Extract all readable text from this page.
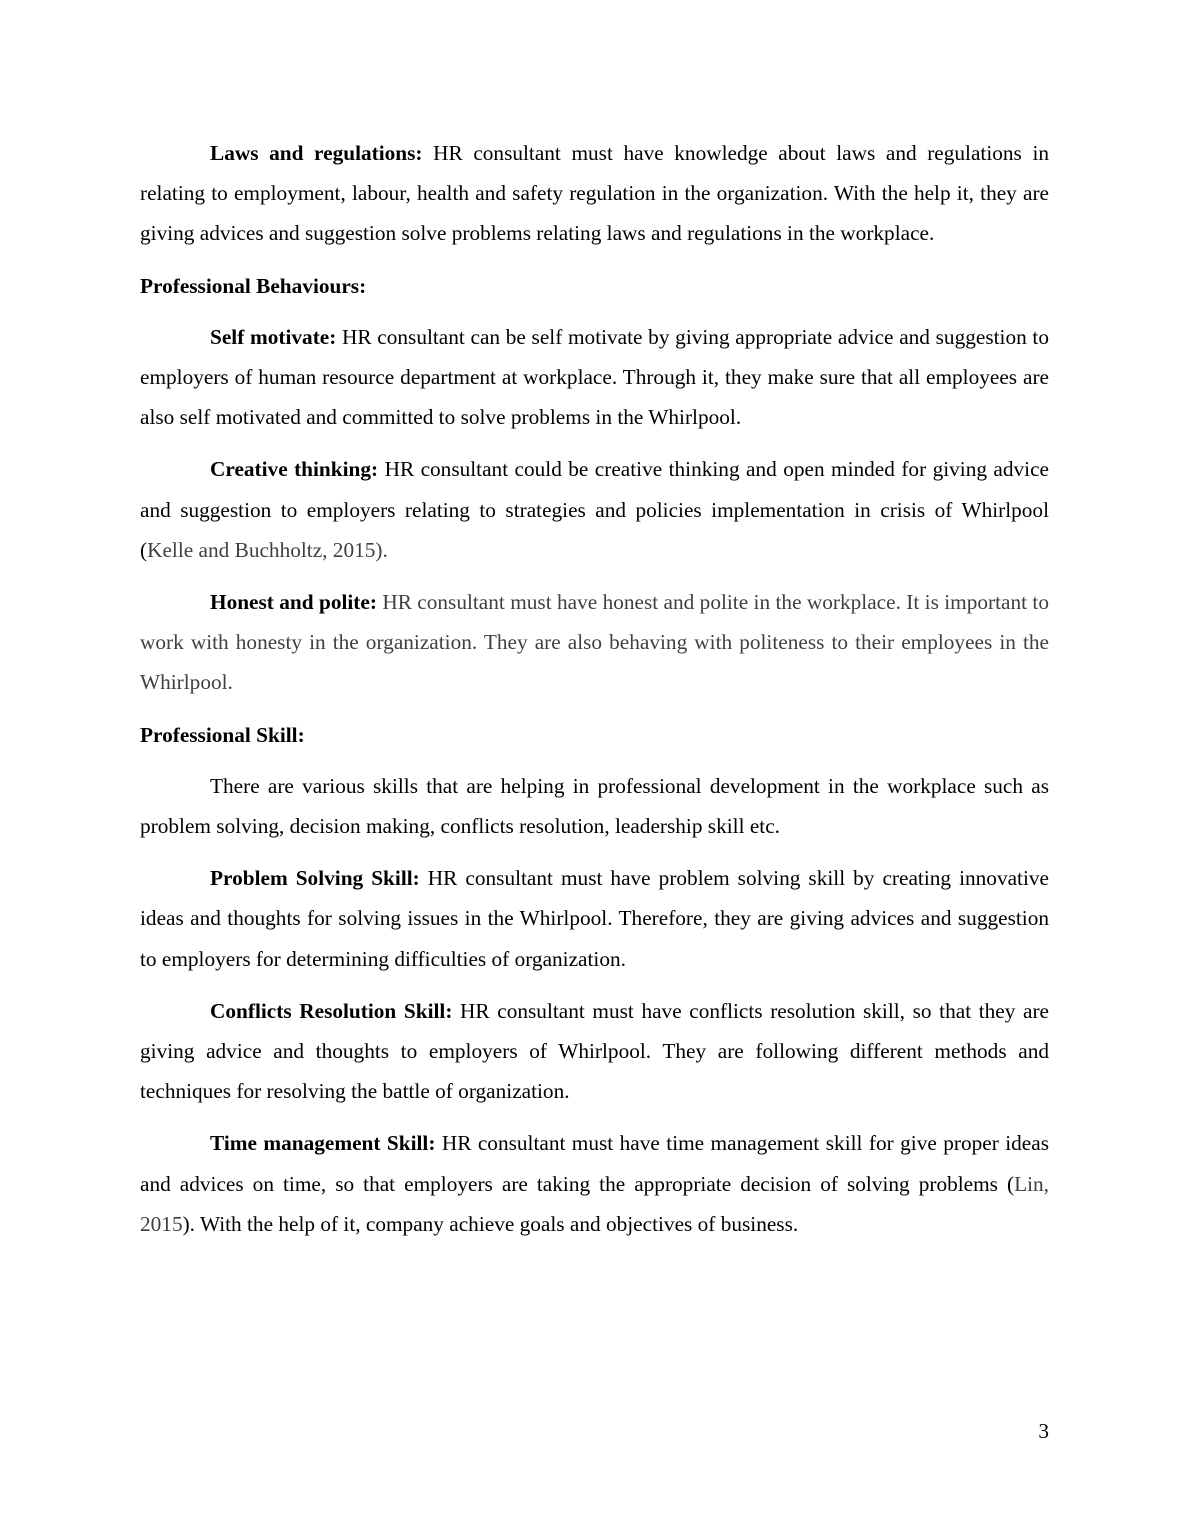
Laws and regulations: HR consultant must have knowledge about laws and regulations in relating to employment, labour, health and safety regulation in the organization. With the help it, they are giving advices and suggestion solve problems relating laws and regulations in the workplace.

Professional Behaviours:

Self motivate: HR consultant can be self motivate by giving appropriate advice and suggestion to employers of human resource department at workplace. Through it, they make sure that all employees are also self motivated and committed to solve problems in the Whirlpool.

Creative thinking: HR consultant could be creative thinking and open minded for giving advice and suggestion to employers relating to strategies and policies implementation in crisis of Whirlpool (Kelle and Buchholtz, 2015).

Honest and polite: HR consultant must have honest and polite in the workplace. It is important to work with honesty in the organization. They are also behaving with politeness to their employees in the Whirlpool.

Professional Skill:

There are various skills that are helping in professional development in the workplace such as problem solving, decision making, conflicts resolution, leadership skill etc.

Problem Solving Skill: HR consultant must have problem solving skill by creating innovative ideas and thoughts for solving issues in the Whirlpool. Therefore, they are giving advices and suggestion to employers for determining difficulties of organization.

Conflicts Resolution Skill: HR consultant must have conflicts resolution skill, so that they are giving advice and thoughts to employers of Whirlpool. They are following different methods and techniques for resolving the battle of organization.

Time management Skill: HR consultant must have time management skill for give proper ideas and advices on time, so that employers are taking the appropriate decision of solving problems (Lin, 2015). With the help of it, company achieve goals and objectives of business.

3
